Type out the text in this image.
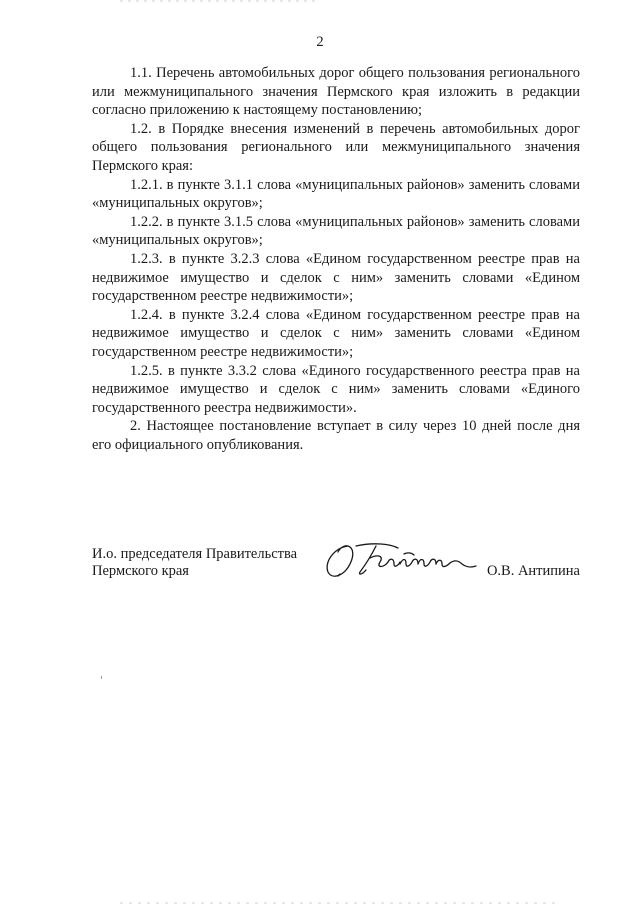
2

1.1. Перечень автомобильных дорог общего пользования регионального или межмуниципального значения Пермского края изложить в редакции согласно приложению к настоящему постановлению;

1.2. в Порядке внесения изменений в перечень автомобильных дорог общего пользования регионального или межмуниципального значения Пермского края:

1.2.1. в пункте 3.1.1 слова «муниципальных районов» заменить словами «муниципальных округов»;

1.2.2. в пункте 3.1.5 слова «муниципальных районов» заменить словами «муниципальных округов»;

1.2.3. в пункте 3.2.3 слова «Едином государственном реестре прав на недвижимое имущество и сделок с ним» заменить словами «Едином государственном реестре недвижимости»;

1.2.4. в пункте 3.2.4 слова «Едином государственном реестре прав на недвижимое имущество и сделок с ним» заменить словами «Едином государственном реестре недвижимости»;

1.2.5. в пункте 3.3.2 слова «Единого государственного реестра прав на недвижимое имущество и сделок с ним» заменить словами «Единого государственного реестра недвижимости».

2. Настоящее постановление вступает в силу через 10 дней после дня его официального опубликования.

И.о. председателя Правительства
Пермского края	О.В. Антипина
